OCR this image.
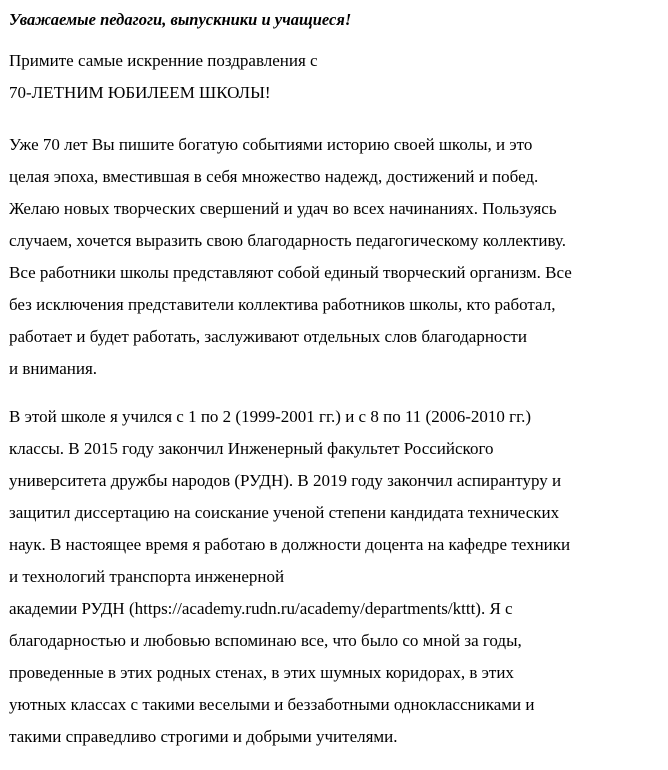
Уважаемые педагоги, выпускники и учащиеся!
Примите самые искренние поздравления с
70-ЛЕТНИМ ЮБИЛЕЕМ ШКОЛЫ!
Уже 70 лет Вы пишите богатую событиями историю своей школы, и это
целая эпоха, вместившая в себя множество надежд, достижений и побед.
Желаю новых творческих свершений и удач во всех начинаниях. Пользуясь
случаем, хочется выразить свою благодарность педагогическому коллективу.
Все работники школы представляют собой единый творческий организм. Все
без исключения представители коллектива работников школы, кто работал,
работает и будет работать, заслуживают отдельных слов благодарности
и внимания.
В этой школе я учился с 1 по 2 (1999-2001 гг.) и с 8 по 11 (2006-2010 гг.)
классы. В 2015 году закончил Инженерный факультет Российского
университета дружбы народов (РУДН). В 2019 году закончил аспирантуру и
защитил диссертацию на соискание ученой степени кандидата технических
наук. В настоящее время я работаю в должности доцента на кафедре техники
и технологий транспорта инженерной
академии РУДН (https://academy.rudn.ru/academy/departments/kttt). Я с
благодарностью и любовью вспоминаю все, что было со мной за годы,
проведенные в этих родных стенах, в этих шумных коридорах, в этих
уютных классах с такими веселыми и беззаботными одноклассниками и
такими справедливо строгими и добрыми учителями.
